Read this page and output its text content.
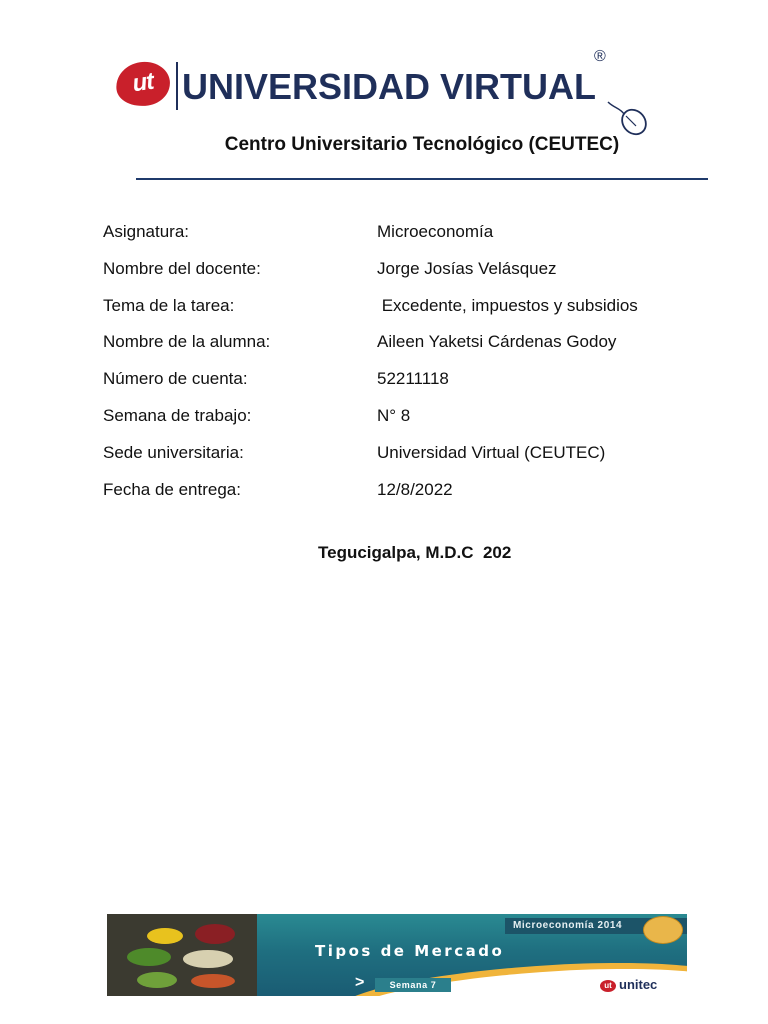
ut UNIVERSIDAD VIRTUAL
®
Centro Universitario Tecnológico (CEUTEC)
Asignatura:	Microeconomía
Nombre del docente:	Jorge Josías Velásquez
Tema de la tarea:	Excedente, impuestos y subsidios
Nombre de la alumna:	Aileen Yaketsi Cárdenas Godoy
Número de cuenta:	52211118
Semana de trabajo:	N° 8
Sede universitaria:	Universidad Virtual (CEUTEC)
Fecha de entrega:	12/8/2022
Tegucigalpa, M.D.C  202
Microeconomía 2014
Tipos de Mercado
>	Semana 7	ut unitec
